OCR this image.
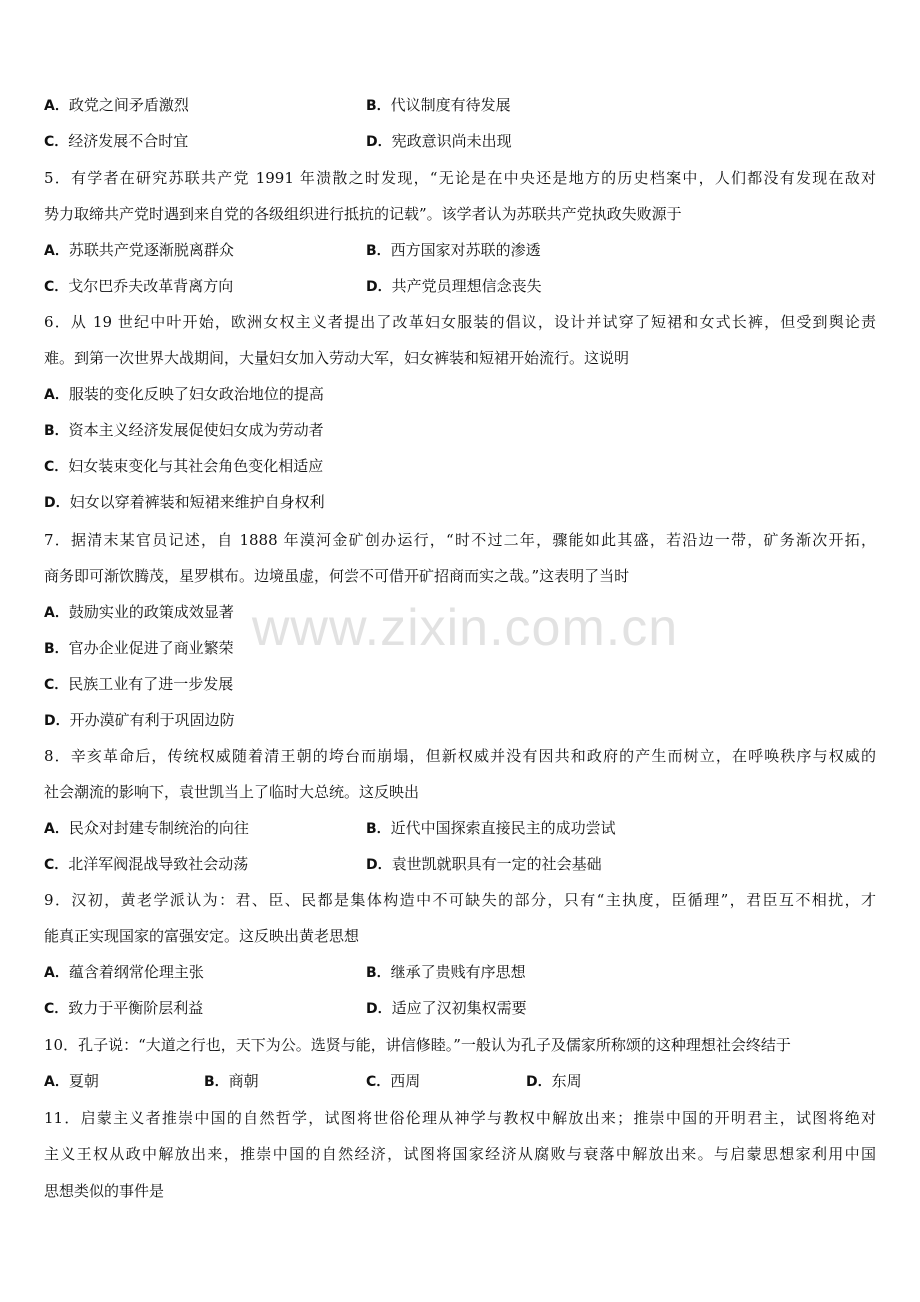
A．政党之间矛盾激烈	B．代议制度有待发展
C．经济发展不合时宜	D．宪政意识尚未出现
5．有学者在研究苏联共产党 1991 年溃散之时发现，“无论是在中央还是地方的历史档案中，人们都没有发现在敌对
势力取缔共产党时遇到来自党的各级组织进行抵抗的记载”。该学者认为苏联共产党执政失败源于
A．苏联共产党逐渐脱离群众	B．西方国家对苏联的渗透
C．戈尔巴乔夫改革背离方向	D．共产党员理想信念丧失
6．从 19 世纪中叶开始，欧洲女权主义者提出了改革妇女服装的倡议，设计并试穿了短裙和女式长裤，但受到舆论责
难。到第一次世界大战期间，大量妇女加入劳动大军，妇女裤装和短裙开始流行。这说明
A．服装的变化反映了妇女政治地位的提高
B．资本主义经济发展促使妇女成为劳动者
C．妇女装束变化与其社会角色变化相适应
D．妇女以穿着裤装和短裙来维护自身权利
7．据清末某官员记述，自 1888 年漠河金矿创办运行，“时不过二年，骤能如此其盛，若沿边一带，矿务渐次开拓，
商务即可渐饮腾茂，星罗棋布。边境虽虚，何尝不可借开矿招商而实之哉。”这表明了当时
A．鼓励实业的政策成效显著
B．官办企业促进了商业繁荣
C．民族工业有了进一步发展
D．开办漠矿有利于巩固边防
8．辛亥革命后，传统权威随着清王朝的垮台而崩塌，但新权威并没有因共和政府的产生而树立，在呼唤秩序与权威的
社会潮流的影响下，袁世凯当上了临时大总统。这反映出
A．民众对封建专制统治的向往	B．近代中国探索直接民主的成功尝试
C．北洋军阀混战导致社会动荡	D．袁世凯就职具有一定的社会基础
9．汉初，黄老学派认为：君、臣、民都是集体构造中不可缺失的部分，只有“主执度，臣循理”，君臣互不相扰，才
能真正实现国家的富强安定。这反映出黄老思想
A．蕴含着纲常伦理主张	B．继承了贵贱有序思想
C．致力于平衡阶层利益	D．适应了汉初集权需要
10．孔子说：“大道之行也，天下为公。选贤与能，讲信修睦。”一般认为孔子及儒家所称颂的这种理想社会终结于
A．夏朝	B．商朝	C．西周	D．东周
11．启蒙主义者推崇中国的自然哲学，试图将世俗伦理从神学与教权中解放出来；推崇中国的开明君主，试图将绝对
主义王权从政中解放出来，推崇中国的自然经济，试图将国家经济从腐败与衰落中解放出来。与启蒙思想家利用中国
思想类似的事件是
www.zixin.com.cn
